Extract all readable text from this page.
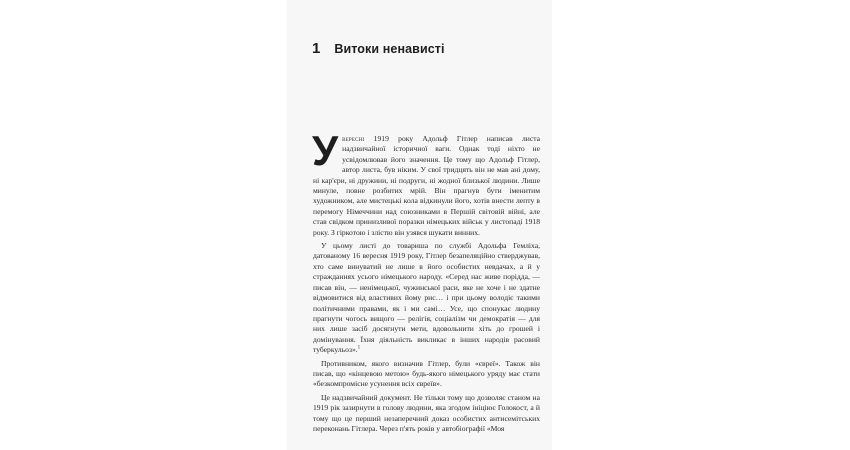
1 Витоки ненависті

Увересні 1919 року Адольф Гітлер написав листа надзвичайної історичної ваги. Однак тоді ніхто не усвідомлював його значення. Це тому що Адольф Гітлер, автор листа, був ніким. У свої тридцять він не мав ані дому, ні кар'єри, ні дружини, ні подруги, ні жодної близької людини. Лише минуле, повне розбитих мрій. Він прагнув бути іменитим художником, але мистецькі кола відкинули його, хотів внести лепту в перемогу Німеччини над союзниками в Першій світовій війні, але став свідком принизливої поразки німецьких військ у листопаді 1918 року. З гіркотою і злістю він узявся шукати винних.

У цьому листі до товариша по службі Адольфа Гемліха, датованому 16 вересня 1919 року, Гітлер безапеляційно стверджував, хто саме винуватий не лише в його особистих невдачах, а й у стражданнях усього німецького народу. «Серед нас живе порідда, — писав він, — ненімецької, чужинської раси, яке не хоче і не здатне відмовитися від властивих йому рис… і при цьому володіє такими політичними правами, як і ми самі… Усе, що спонукає людину прагнути чогось вищого — релігія, соціалізм чи демократія — для них лише засіб досягнути мети, вдовольнити хіть до грошей і домінування. Їхня діяльність викликає в інших народів расовий туберкульоз».$^1$

Противником, якого визначив Гітлер, були «євреї». Також він писав, що «кінцевою метою» будь-якого німецького уряду має стати «безкомпромісне усунення всіх євреїв».

Це надзвичайний документ. Не тільки тому що дозволяє станом на 1919 рік зазирнути в голову людини, яка згодом ініціює Голокост, а й тому що це перший незаперечний доказ особистих антисемітських переконань Гітлера. Через п'ять років у автобіографії «Моя
